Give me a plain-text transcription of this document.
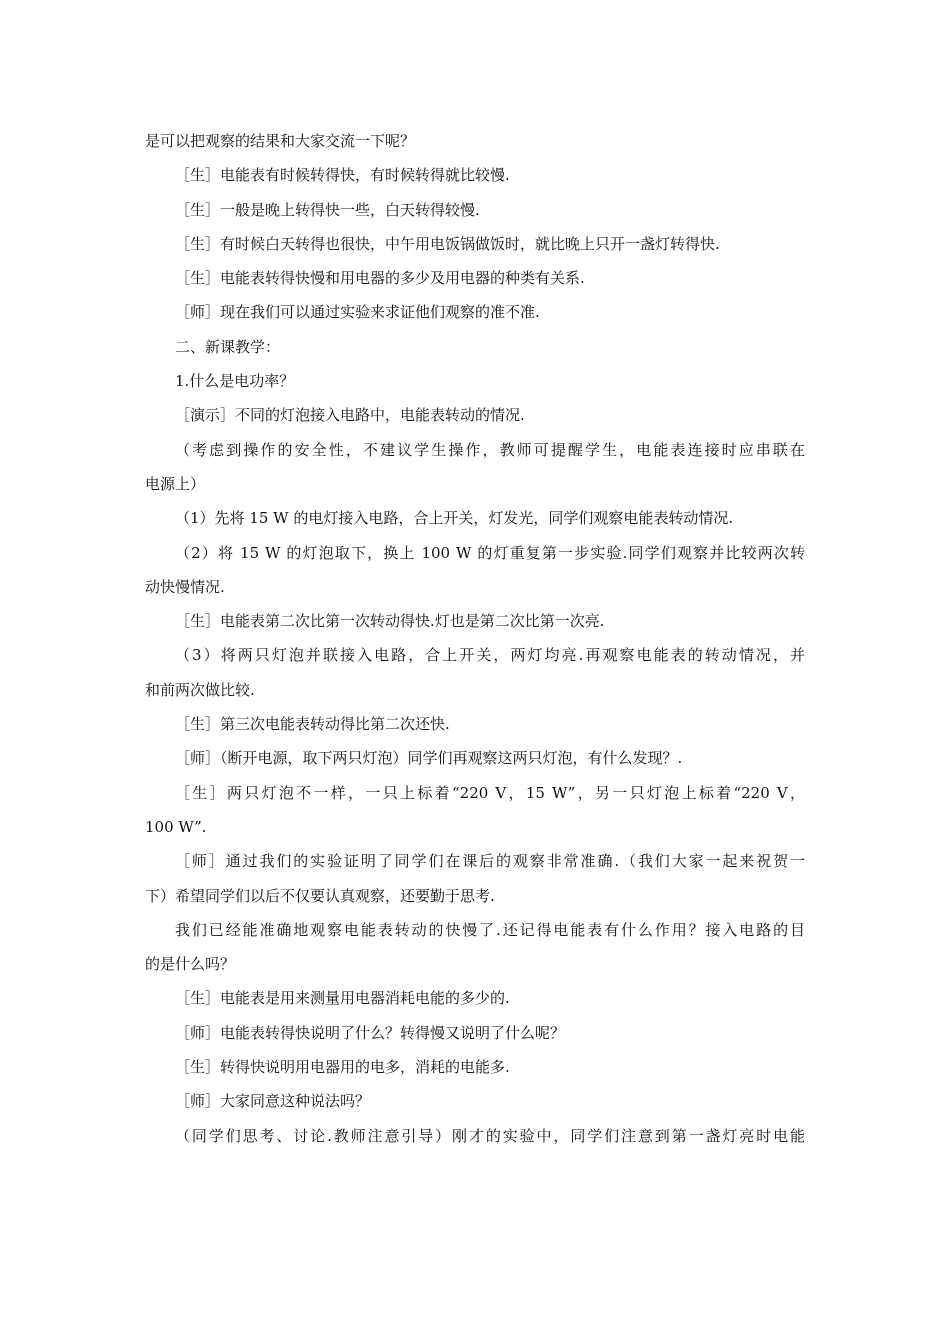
是可以把观察的结果和大家交流一下呢？
［生］电能表有时候转得快，有时候转得就比较慢.
［生］一般是晚上转得快一些，白天转得较慢.
［生］有时候白天转得也很快，中午用电饭锅做饭时，就比晚上只开一盏灯转得快.
［生］电能表转得快慢和用电器的多少及用电器的种类有关系.
［师］现在我们可以通过实验来求证他们观察的准不准.
二、新课教学：
1.什么是电功率？
［演示］不同的灯泡接入电路中，电能表转动的情况.
（考虑到操作的安全性，不建议学生操作，教师可提醒学生，电能表连接时应串联在
电源上）
（1）先将 15 W 的电灯接入电路，合上开关，灯发光，同学们观察电能表转动情况.
（2）将 15 W 的灯泡取下，换上 100 W 的灯重复第一步实验.同学们观察并比较两次转
动快慢情况.
［生］电能表第二次比第一次转动得快.灯也是第二次比第一次亮.
（3）将两只灯泡并联接入电路，合上开关，两灯均亮.再观察电能表的转动情况，并
和前两次做比较.
［生］第三次电能表转动得比第二次还快.
［师］（断开电源，取下两只灯泡）同学们再观察这两只灯泡，有什么发现？.
［生］两只灯泡不一样，一只上标着“220 V，15 W”，另一只灯泡上标着“220 V，
100 W”.
［师］通过我们的实验证明了同学们在课后的观察非常准确.（我们大家一起来祝贺一
下）希望同学们以后不仅要认真观察，还要勤于思考.
我们已经能准确地观察电能表转动的快慢了.还记得电能表有什么作用？接入电路的目
的是什么吗？
［生］电能表是用来测量用电器消耗电能的多少的.
［师］电能表转得快说明了什么？转得慢又说明了什么呢？
［生］转得快说明用电器用的电多，消耗的电能多.
［师］大家同意这种说法吗？
（同学们思考、讨论.教师注意引导）刚才的实验中，同学们注意到第一盏灯亮时电能
